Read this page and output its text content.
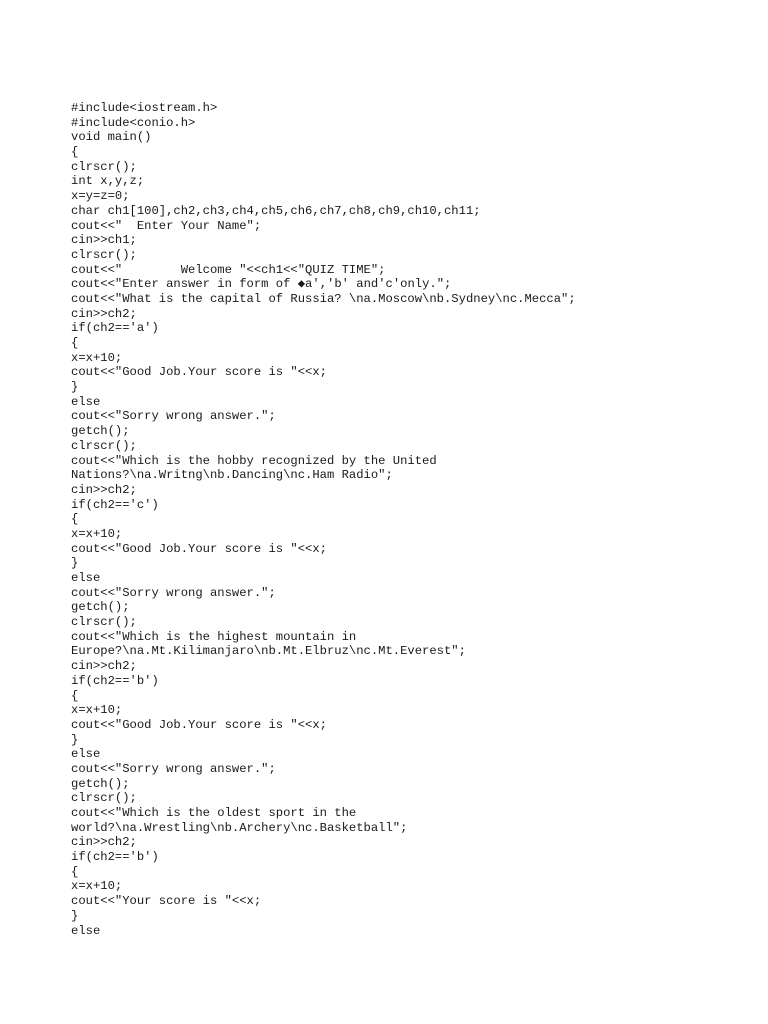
#include<iostream.h>
#include<conio.h>
void main()
{
clrscr();
int x,y,z;
x=y=z=0;
char ch1[100],ch2,ch3,ch4,ch5,ch6,ch7,ch8,ch9,ch10,ch11;
cout<<"  Enter Your Name";
cin>>ch1;
clrscr();
cout<<"        Welcome "<<ch1<<"QUIZ TIME";
cout<<"Enter answer in form of ◆a','b' and'c'only.";
cout<<"What is the capital of Russia? \na.Moscow\nb.Sydney\nc.Mecca";
cin>>ch2;
if(ch2=='a')
{
x=x+10;
cout<<"Good Job.Your score is "<<x;
}
else
cout<<"Sorry wrong answer.";
getch();
clrscr();
cout<<"Which is the hobby recognized by the United
Nations?\na.Writng\nb.Dancing\nc.Ham Radio";
cin>>ch2;
if(ch2=='c')
{
x=x+10;
cout<<"Good Job.Your score is "<<x;
}
else
cout<<"Sorry wrong answer.";
getch();
clrscr();
cout<<"Which is the highest mountain in
Europe?\na.Mt.Kilimanjaro\nb.Mt.Elbruz\nc.Mt.Everest";
cin>>ch2;
if(ch2=='b')
{
x=x+10;
cout<<"Good Job.Your score is "<<x;
}
else
cout<<"Sorry wrong answer.";
getch();
clrscr();
cout<<"Which is the oldest sport in the
world?\na.Wrestling\nb.Archery\nc.Basketball";
cin>>ch2;
if(ch2=='b')
{
x=x+10;
cout<<"Your score is "<<x;
}
else
